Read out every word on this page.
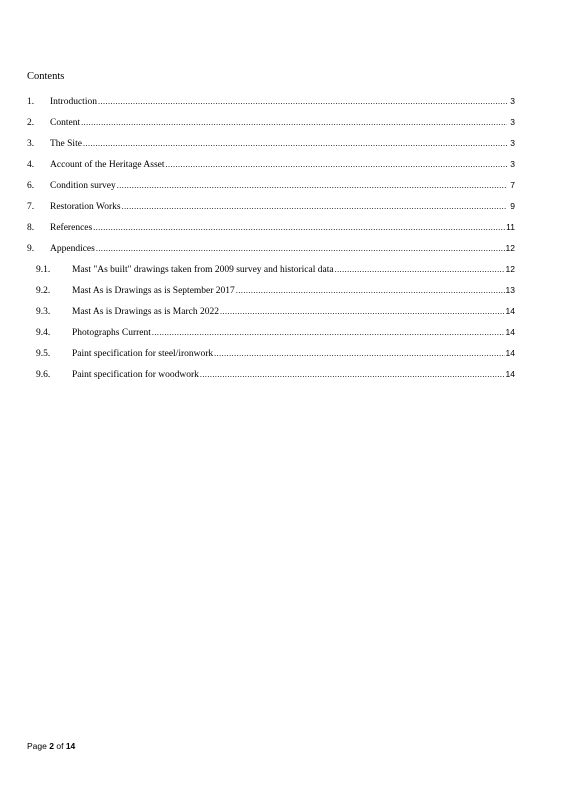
Contents
1.	Introduction .....	3
2.	Content .....	3
3.	The Site .....	3
4.	Account of the Heritage Asset .....	3
6.	Condition survey .....	7
7.	Restoration Works .....	9
8.	References .....	11
9.	Appendices .....	12
9.1.	Mast "As built" drawings taken from 2009 survey and historical data .....	12
9.2.	Mast As is Drawings as is September 2017 .....	13
9.3.	Mast As is Drawings as is March 2022 .....	14
9.4.	Photographs Current .....	14
9.5.	Paint specification for steel/ironwork .....	14
9.6.	Paint specification for woodwork .....	14
Page 2 of 14
